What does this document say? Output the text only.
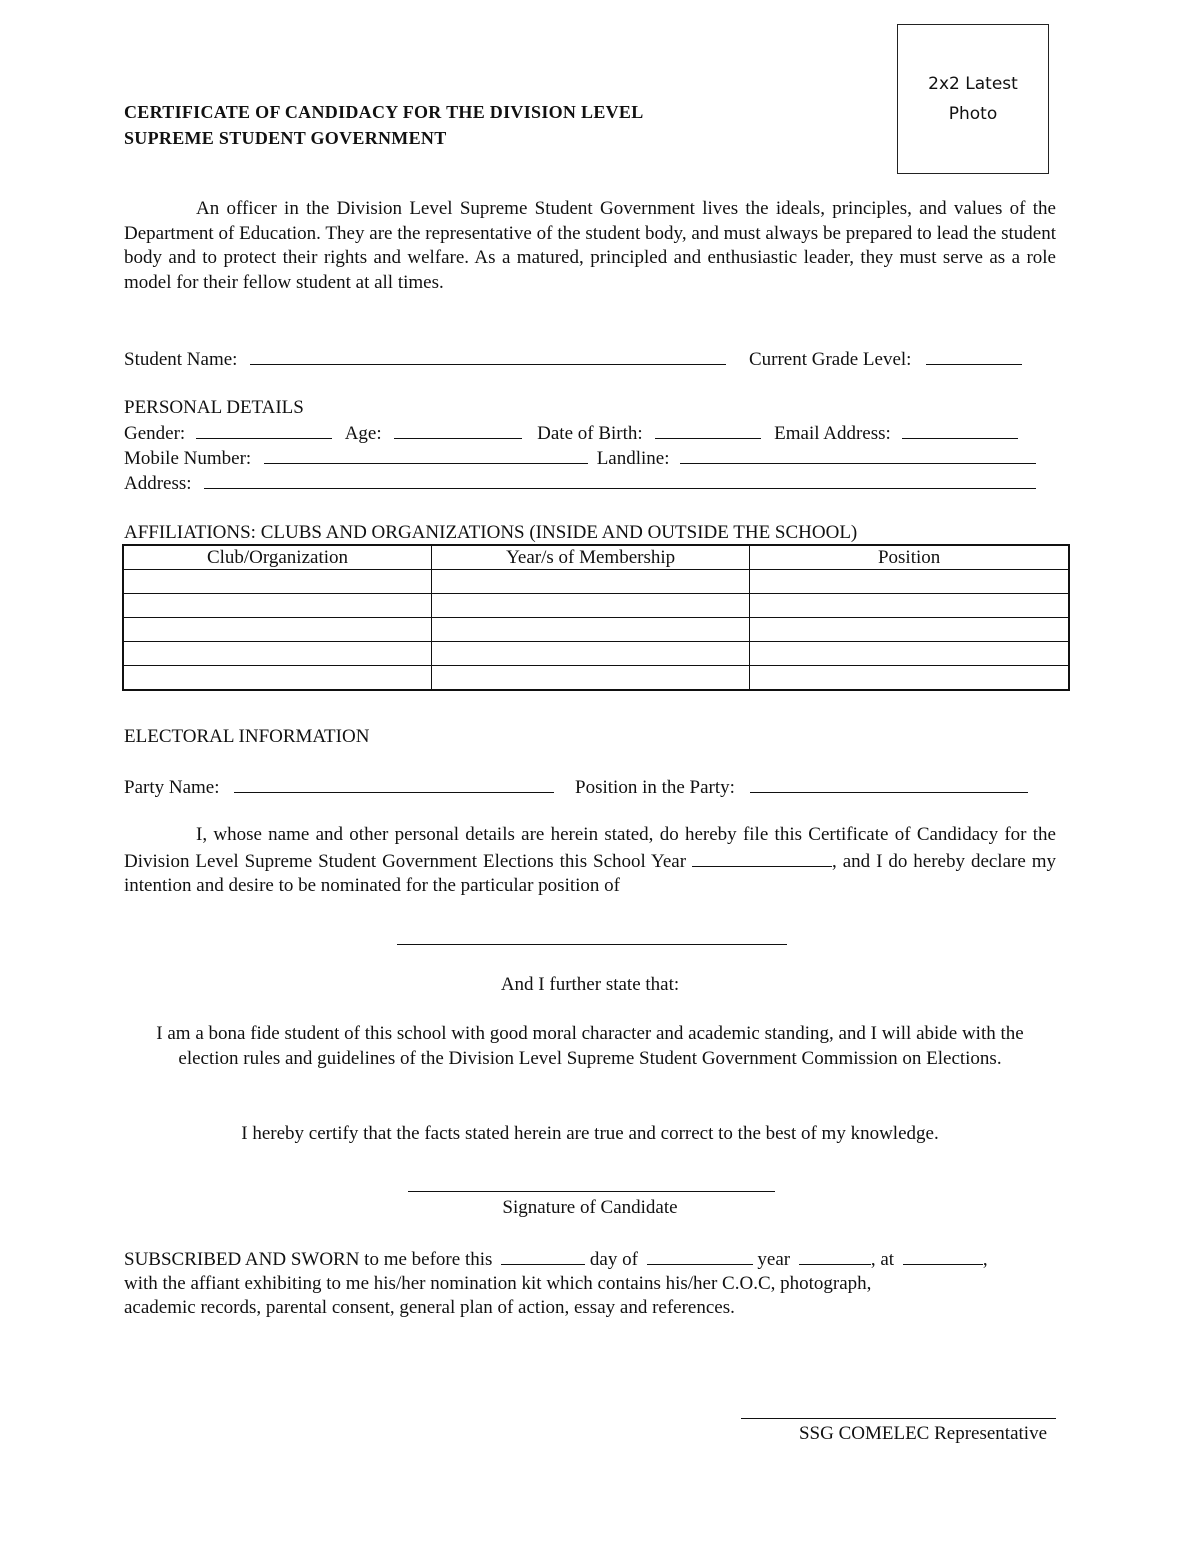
CERTIFICATE OF CANDIDACY FOR THE DIVISION LEVEL
SUPREME STUDENT GOVERNMENT
2x2 Latest
Photo
An officer in the Division Level Supreme Student Government lives the ideals, principles, and values of the Department of Education. They are the representative of the student body, and must always be prepared to lead the student body and to protect their rights and welfare. As a matured, principled and enthusiastic leader, they must serve as a role model for their fellow student at all times.
Student Name:	Current Grade Level:
PERSONAL DETAILS
Gender:	Age:	Date of Birth:	Email Address:
Mobile Number:	Landline:
Address:
AFFILIATIONS: CLUBS AND ORGANIZATIONS (INSIDE AND OUTSIDE THE SCHOOL)
Club/Organization	Year/s of Membership	Position

ELECTORAL INFORMATION
Party Name:	Position in the Party:
I, whose name and other personal details are herein stated, do hereby file this Certificate of Candidacy for the Division Level Supreme Student Government Elections this School Year	, and I do hereby declare my intention and desire to be nominated for the particular position of
And I further state that:
I am a bona fide student of this school with good moral character and academic standing, and I will abide with the election rules and guidelines of the Division Level Supreme Student Government Commission on Elections.
I hereby certify that the facts stated herein are true and correct to the best of my knowledge.
Signature of Candidate
SUBSCRIBED AND SWORN to me before this	day of	year	, at	,
with the affiant exhibiting to me his/her nomination kit which contains his/her C.O.C, photograph,
academic records, parental consent, general plan of action, essay and references.
SSG COMELEC Representative
